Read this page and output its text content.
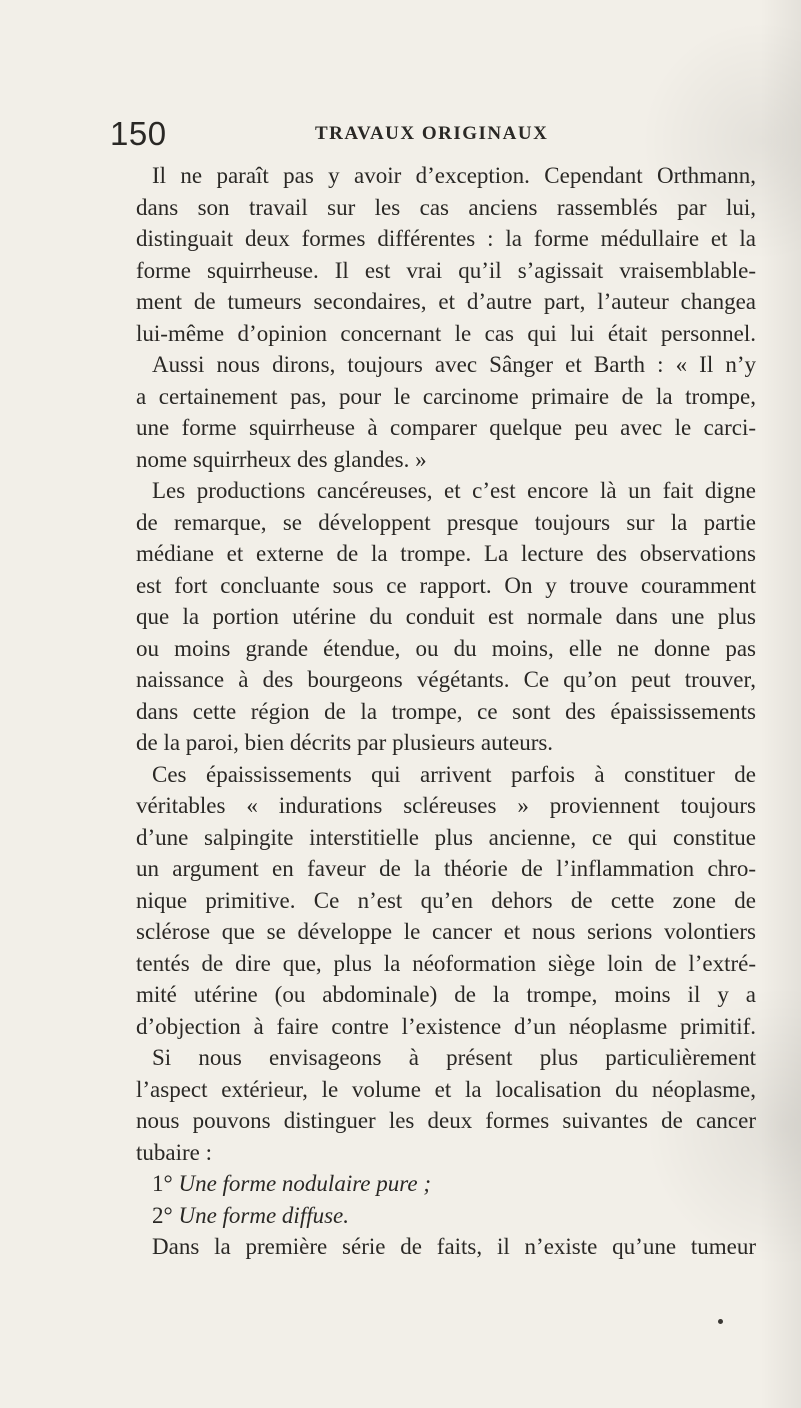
150	TRAVAUX ORIGINAUX
Il ne paraît pas y avoir d’exception. Cependant Orthmann,
dans son travail sur les cas anciens rassemblés par lui,
distinguait deux formes différentes : la forme médullaire et la
forme squirrheuse. Il est vrai qu’il s’agissait vraisemblable-
ment de tumeurs secondaires, et d’autre part, l’auteur changea
lui-même d’opinion concernant le cas qui lui était personnel.
Aussi nous dirons, toujours avec Sânger et Barth : « Il n’y
a certainement pas, pour le carcinome primaire de la trompe,
une forme squirrheuse à comparer quelque peu avec le carci-
nome squirrheux des glandes. »
Les productions cancéreuses, et c’est encore là un fait digne
de remarque, se développent presque toujours sur la partie
médiane et externe de la trompe. La lecture des observations
est fort concluante sous ce rapport. On y trouve couramment
que la portion utérine du conduit est normale dans une plus
ou moins grande étendue, ou du moins, elle ne donne pas
naissance à des bourgeons végétants. Ce qu’on peut trouver,
dans cette région de la trompe, ce sont des épaississements
de la paroi, bien décrits par plusieurs auteurs.
Ces épaississements qui arrivent parfois à constituer de
véritables « indurations scléreuses » proviennent toujours
d’une salpingite interstitielle plus ancienne, ce qui constitue
un argument en faveur de la théorie de l’inflammation chro-
nique primitive. Ce n’est qu’en dehors de cette zone de
sclérose que se développe le cancer et nous serions volontiers
tentés de dire que, plus la néoformation siège loin de l’extré-
mité utérine (ou abdominale) de la trompe, moins il y a
d’objection à faire contre l’existence d’un néoplasme primitif.
Si nous envisageons à présent plus particulièrement
l’aspect extérieur, le volume et la localisation du néoplasme,
nous pouvons distinguer les deux formes suivantes de cancer
tubaire :
1° Une forme nodulaire pure ;
2° Une forme diffuse.
Dans la première série de faits, il n’existe qu’une tumeur
